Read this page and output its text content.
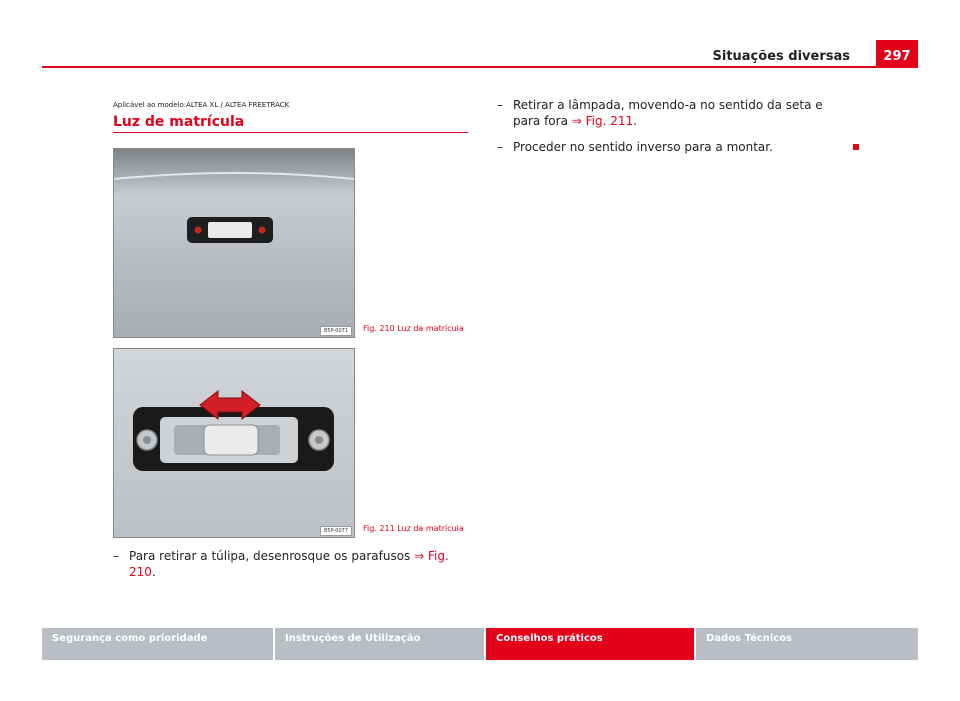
Situações diversas	297
Aplicável ao modelo:ALTEA XL / ALTEA FREETRACK
Luz de matrícula
B5P-0071	Fig. 210 Luz da matrícula
B5P-0077	Fig. 211 Luz da matrícula
– Para retirar a túlipa, desenrosque os parafusos ⇒ Fig. 210.
– Retirar a lâmpada, movendo-a no sentido da seta e para fora ⇒ Fig. 211.
– Proceder no sentido inverso para a montar.
Segurança como prioridade	Instruções de Utilização	Conselhos práticos	Dados Técnicos
